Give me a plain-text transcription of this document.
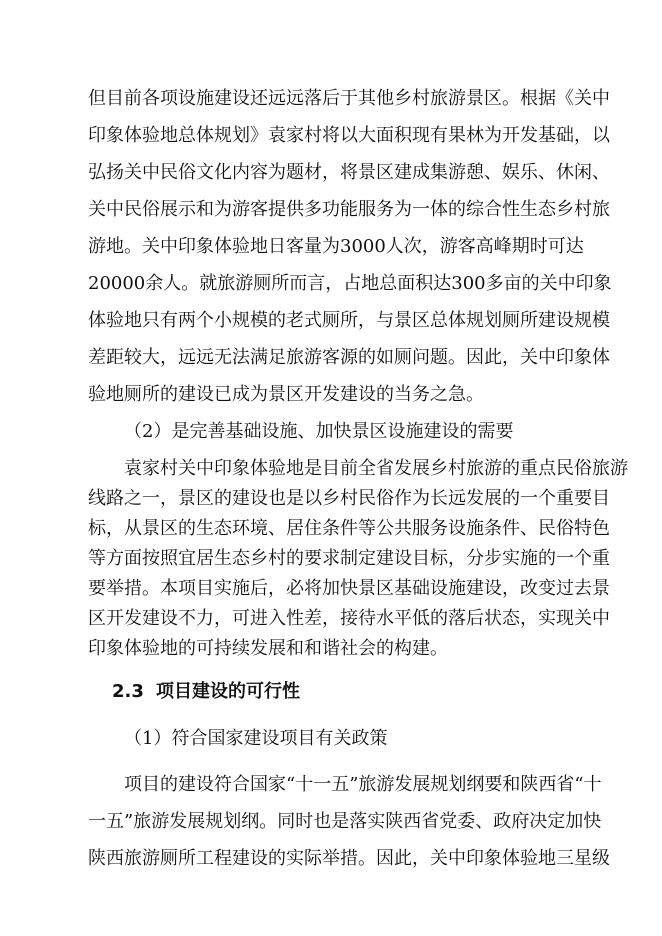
但目前各项设施建设还远远落后于其他乡村旅游景区。根据《关中
印象体验地总体规划》袁家村将以大面积现有果林为开发基础，以
弘扬关中民俗文化内容为题材，将景区建成集游憩、娱乐、休闲、
关中民俗展示和为游客提供多功能服务为一体的综合性生态乡村旅
游地。关中印象体验地日客量为3000人次，游客高峰期时可达
20000余人。就旅游厕所而言，占地总面积达300多亩的关中印象
体验地只有两个小规模的老式厕所，与景区总体规划厕所建设规模
差距较大，远远无法满足旅游客源的如厕问题。因此，关中印象体
验地厕所的建设已成为景区开发建设的当务之急。
（2）是完善基础设施、加快景区设施建设的需要
袁家村关中印象体验地是目前全省发展乡村旅游的重点民俗旅游
线路之一，景区的建设也是以乡村民俗作为长远发展的一个重要目
标，从景区的生态环境、居住条件等公共服务设施条件、民俗特色
等方面按照宜居生态乡村的要求制定建设目标，分步实施的一个重
要举措。本项目实施后，必将加快景区基础设施建设，改变过去景
区开发建设不力，可进入性差，接待水平低的落后状态，实现关中
2.3 项目建设的可行性
（1）符合国家建设项目有关政策
项目的建设符合国家“十一五”旅游发展规划纲要和陕西省“十
一五”旅游发展规划纲。同时也是落实陕西省党委、政府决定加快
陕西旅游厕所工程建设的实际举措。因此，关中印象体验地三星级
印象体验地的可持续发展和和谐社会的构建。
